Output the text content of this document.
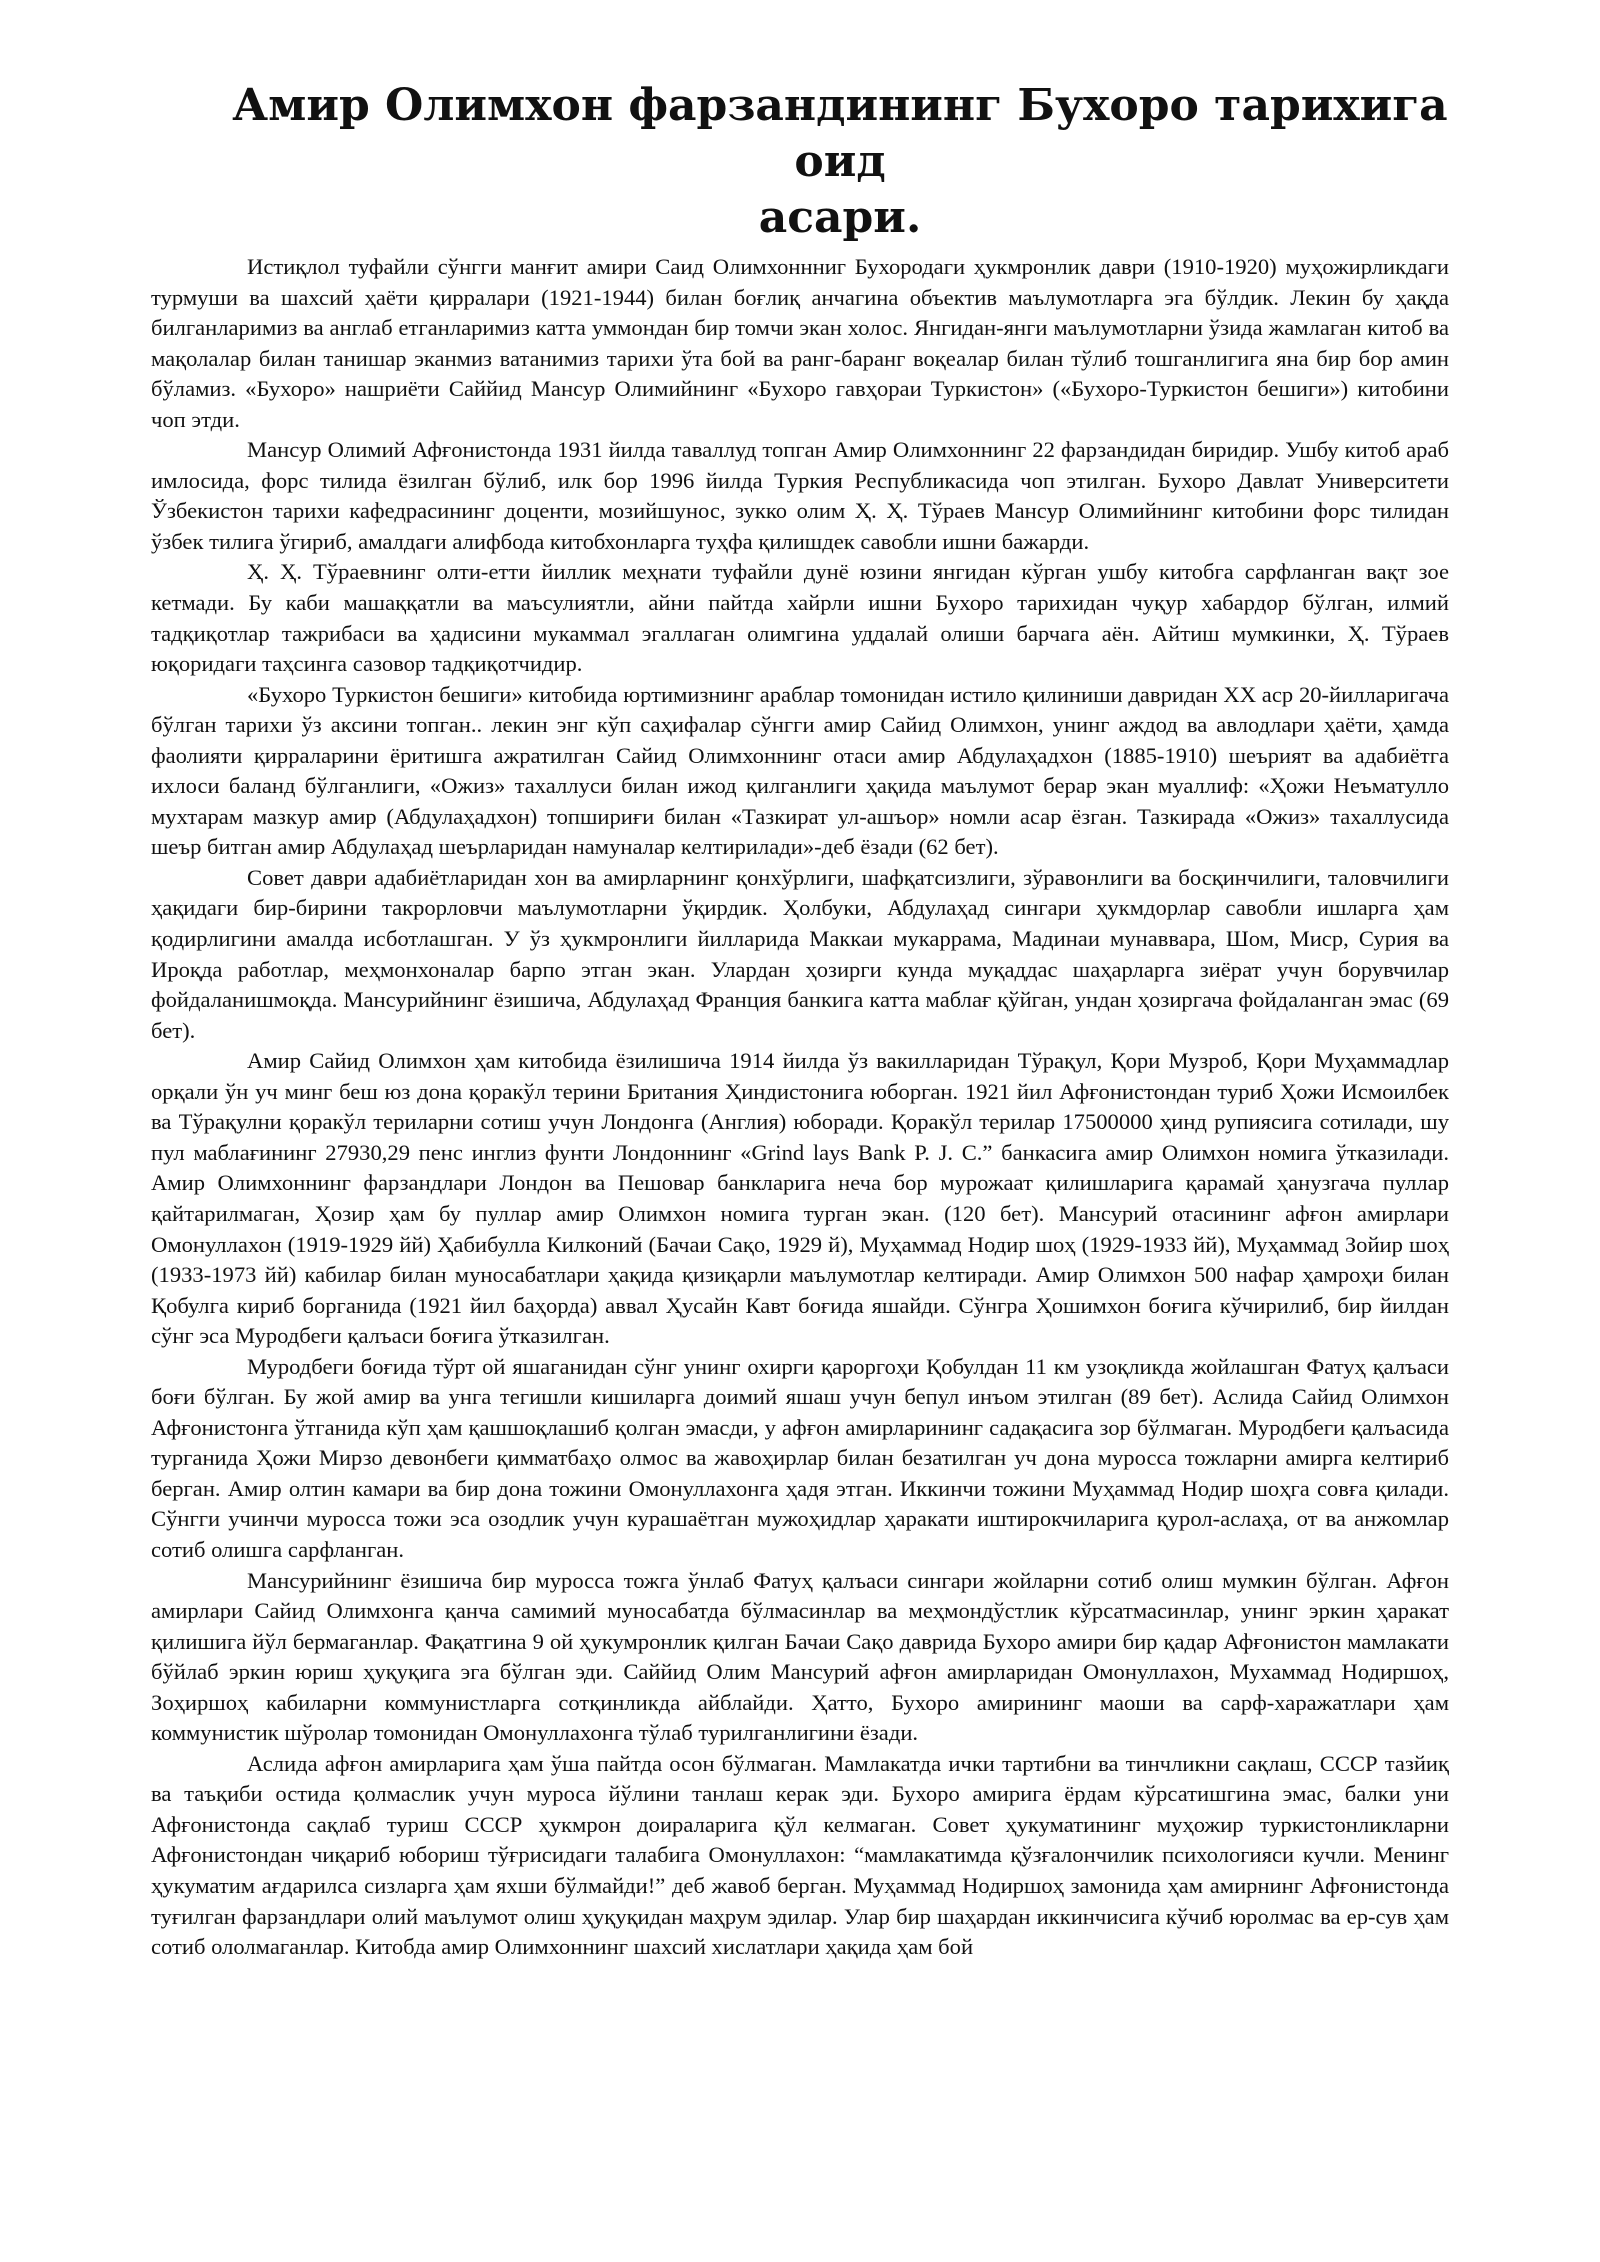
Амир Олимхон фарзандининг Бухоро тарихига оид
асари.

Истиқлол туфайли сўнгги манғит амири Саид Олимхоннниг Бухородаги ҳукмронлик даври (1910-1920) муҳожирликдаги турмуши ва шахсий ҳаёти қирралари (1921-1944) билан боғлиқ анчагина объектив маълумотларга эга бўлдик. Лекин бу ҳақда билганларимиз ва англаб етганларимиз катта уммондан бир томчи экан холос. Янгидан-янги маълумотларни ўзида жамлаган китоб ва мақолалар билан танишар эканмиз ватанимиз тарихи ўта бой ва ранг-баранг воқеалар билан тўлиб тошганлигига яна бир бор амин бўламиз. «Бухоро» нашриёти Саййид Мансур Олимийнинг «Бухоро гавҳораи Туркистон» («Бухоро-Туркистон бешиги») китобини чоп этди.

Мансур Олимий Афғонистонда 1931 йилда таваллуд топган Амир Олимхоннинг 22 фарзандидан биридир. Ушбу китоб араб имлосида, форс тилида ёзилган бўлиб, илк бор 1996 йилда Туркия Республикасида чоп этилган. Бухоро Давлат Университети Ўзбекистон тарихи кафедрасининг доценти, мозийшунос, зукко олим Ҳ. Ҳ. Тўраев Мансур Олимийнинг китобини форс тилидан ўзбек тилига ўгириб, амалдаги алифбода китобхонларга туҳфа қилишдек савобли ишни бажарди.

Ҳ. Ҳ. Тўраевнинг олти-етти йиллик меҳнати туфайли дунё юзини янгидан кўрган ушбу китобга сарфланган вақт зое кетмади. Бу каби машаққатли ва маъсулиятли, айни пайтда хайрли ишни Бухоро тарихидан чуқур хабардор бўлган, илмий тадқиқотлар тажрибаси ва ҳадисини мукаммал эгаллаган олимгина уддалай олиши барчага аён. Айтиш мумкинки, Ҳ. Тўраев юқоридаги таҳсинга сазовор тадқиқотчидир.

«Бухоро Туркистон бешиги» китобида юртимизнинг араблар томонидан истило қилиниши давридан ХХ аср 20-йилларигача бўлган тарихи ўз аксини топган.. лекин энг кўп саҳифалар сўнгги амир Сайид Олимхон, унинг аждод ва авлодлари ҳаёти, ҳамда фаолияти қирраларини ёритишга ажратилган Сайид Олимхоннинг отаси амир Абдулаҳадхон (1885-1910) шеърият ва адабиётга ихлоси баланд бўлганлиги, «Ожиз» тахаллуси билан ижод қилганлиги ҳақида маълумот берар экан муаллиф: «Ҳожи Неъматулло мухтарам мазкур амир (Абдулаҳадхон) топшириғи билан «Тазкират ул-ашъор» номли асар ёзган. Тазкирада «Ожиз» тахаллусида шеър битган амир Абдулаҳад шеърларидан намуналар келтирилади»-деб ёзади (62 бет).

Совет даври адабиётларидан хон ва амирларнинг қонхўрлиги, шафқатсизлиги, зўравонлиги ва босқинчилиги, таловчилиги ҳақидаги бир-бирини такрорловчи маълумотларни ўқирдик. Ҳолбуки, Абдулаҳад сингари ҳукмдорлар савобли ишларга ҳам қодирлигини амалда исботлашган. У ўз ҳукмронлиги йилларида Маккаи мукаррама, Мадинаи мунаввара, Шом, Миср, Сурия ва Ироқда работлар, меҳмонхоналар барпо этган экан. Улардан ҳозирги кунда муқаддас шаҳарларга зиёрат учун борувчилар фойдаланишмоқда. Мансурийнинг ёзишича, Абдулаҳад Франция банкига катта маблағ қўйган, ундан ҳозиргача фойдаланган эмас (69 бет).

Амир Сайид Олимхон ҳам китобида ёзилишича 1914 йилда ўз вакилларидан Тўрақул, Қори Музроб, Қори Муҳаммадлар орқали ўн уч минг беш юз дона қоракўл терини Британия Ҳиндистонига юборган. 1921 йил Афғонистондан туриб Ҳожи Исмоилбек ва Тўрақулни қоракўл териларни сотиш учун Лондонга (Англия) юборади. Қоракўл терилар 17500000 ҳинд рупиясига сотилади, шу пул маблағининг 27930,29 пенс инглиз фунти Лондоннинг «Grind lays Bank P. J. C.” банкасига амир Олимхон номига ўтказилади. Амир Олимхоннинг фарзандлари Лондон ва Пешовар банкларига неча бор мурожаат қилишларига қарамай ҳанузгача пуллар қайтарилмаган, Ҳозир ҳам бу пуллар амир Олимхон номига турган экан. (120 бет). Мансурий отасининг афғон амирлари Омонуллахон (1919-1929 йй) Ҳабибулла Килконий (Бачаи Сақо, 1929 й), Муҳаммад Нодир шоҳ (1929-1933 йй), Муҳаммад Зойир шоҳ (1933-1973 йй) кабилар билан муносабатлари ҳақида қизиқарли маълумотлар келтиради. Амир Олимхон 500 нафар ҳамроҳи билан Қобулга кириб борганида (1921 йил баҳорда) аввал Ҳусайн Кавт боғида яшайди. Сўнгра Ҳошимхон боғига кўчирилиб, бир йилдан сўнг эса Муродбеги қалъаси боғига ўтказилган.

Муродбеги боғида тўрт ой яшаганидан сўнг унинг охирги қароргоҳи Қобулдан 11 км узоқликда жойлашган Фатуҳ қалъаси боғи бўлган. Бу жой амир ва унга тегишли кишиларга доимий яшаш учун бепул инъом этилган (89 бет). Аслида Сайид Олимхон Афғонистонга ўтганида кўп ҳам қашшоқлашиб қолган эмасди, у афғон амирларининг садақасига зор бўлмаган. Муродбеги қалъасида турганида Ҳожи Мирзо девонбеги қимматбаҳо олмос ва жавоҳирлар билан безатилган уч дона муросса тожларни амирга келтириб берган. Амир олтин камари ва бир дона тожини Омонуллахонга ҳадя этган. Иккинчи тожини Муҳаммад Нодир шоҳга совға қилади. Сўнгги учинчи муросса тожи эса озодлик учун курашаётган мужоҳидлар ҳаракати иштирокчиларига қурол-аслаҳа, от ва анжомлар сотиб олишга сарфланган.

Мансурийнинг ёзишича бир муросса тожга ўнлаб Фатуҳ қалъаси сингари жойларни сотиб олиш мумкин бўлган. Афғон амирлари Сайид Олимхонга қанча самимий муносабатда бўлмасинлар ва меҳмондўстлик кўрсатмасинлар, унинг эркин ҳаракат қилишига йўл бермаганлар. Фақатгина 9 ой ҳукумронлик қилган Бачаи Сақо даврида Бухоро амири бир қадар Афғонистон мамлакати бўйлаб эркин юриш ҳуқуқига эга бўлган эди. Саййид Олим Мансурий афғон амирларидан Омонуллахон, Мухаммад Нодиршоҳ, Зоҳиршоҳ кабиларни коммунистларга сотқинликда айблайди. Ҳатто, Бухоро амирининг маоши ва сарф-харажатлари ҳам коммунистик шўролар томонидан Омонуллахонга тўлаб турилганлигини ёзади.

Аслида афғон амирларига ҳам ўша пайтда осон бўлмаган. Мамлакатда ички тартибни ва тинчликни сақлаш, СССР тазйиқ ва таъқиби остида қолмаслик учун муроса йўлини танлаш керак эди. Бухоро амирига ёрдам кўрсатишгина эмас, балки уни Афғонистонда сақлаб туриш СССР ҳукмрон доираларига қўл келмаган. Совет ҳукуматининг муҳожир туркистонликларни Афғонистондан чиқариб юбориш тўғрисидаги талабига Омонуллахон: “мамлакатимда қўзғалончилик психологияси кучли. Менинг ҳукуматим ағдарилса сизларга ҳам яхши бўлмайди!” деб жавоб берган. Муҳаммад Нодиршоҳ замонида ҳам амирнинг Афғонистонда туғилган фарзандлари олий маълумот олиш ҳуқуқидан маҳрум эдилар. Улар бир шаҳардан иккинчисига кўчиб юролмас ва ер-сув ҳам сотиб ололмаганлар. Китобда амир Олимхоннинг шахсий хислатлари ҳақида ҳам бой
